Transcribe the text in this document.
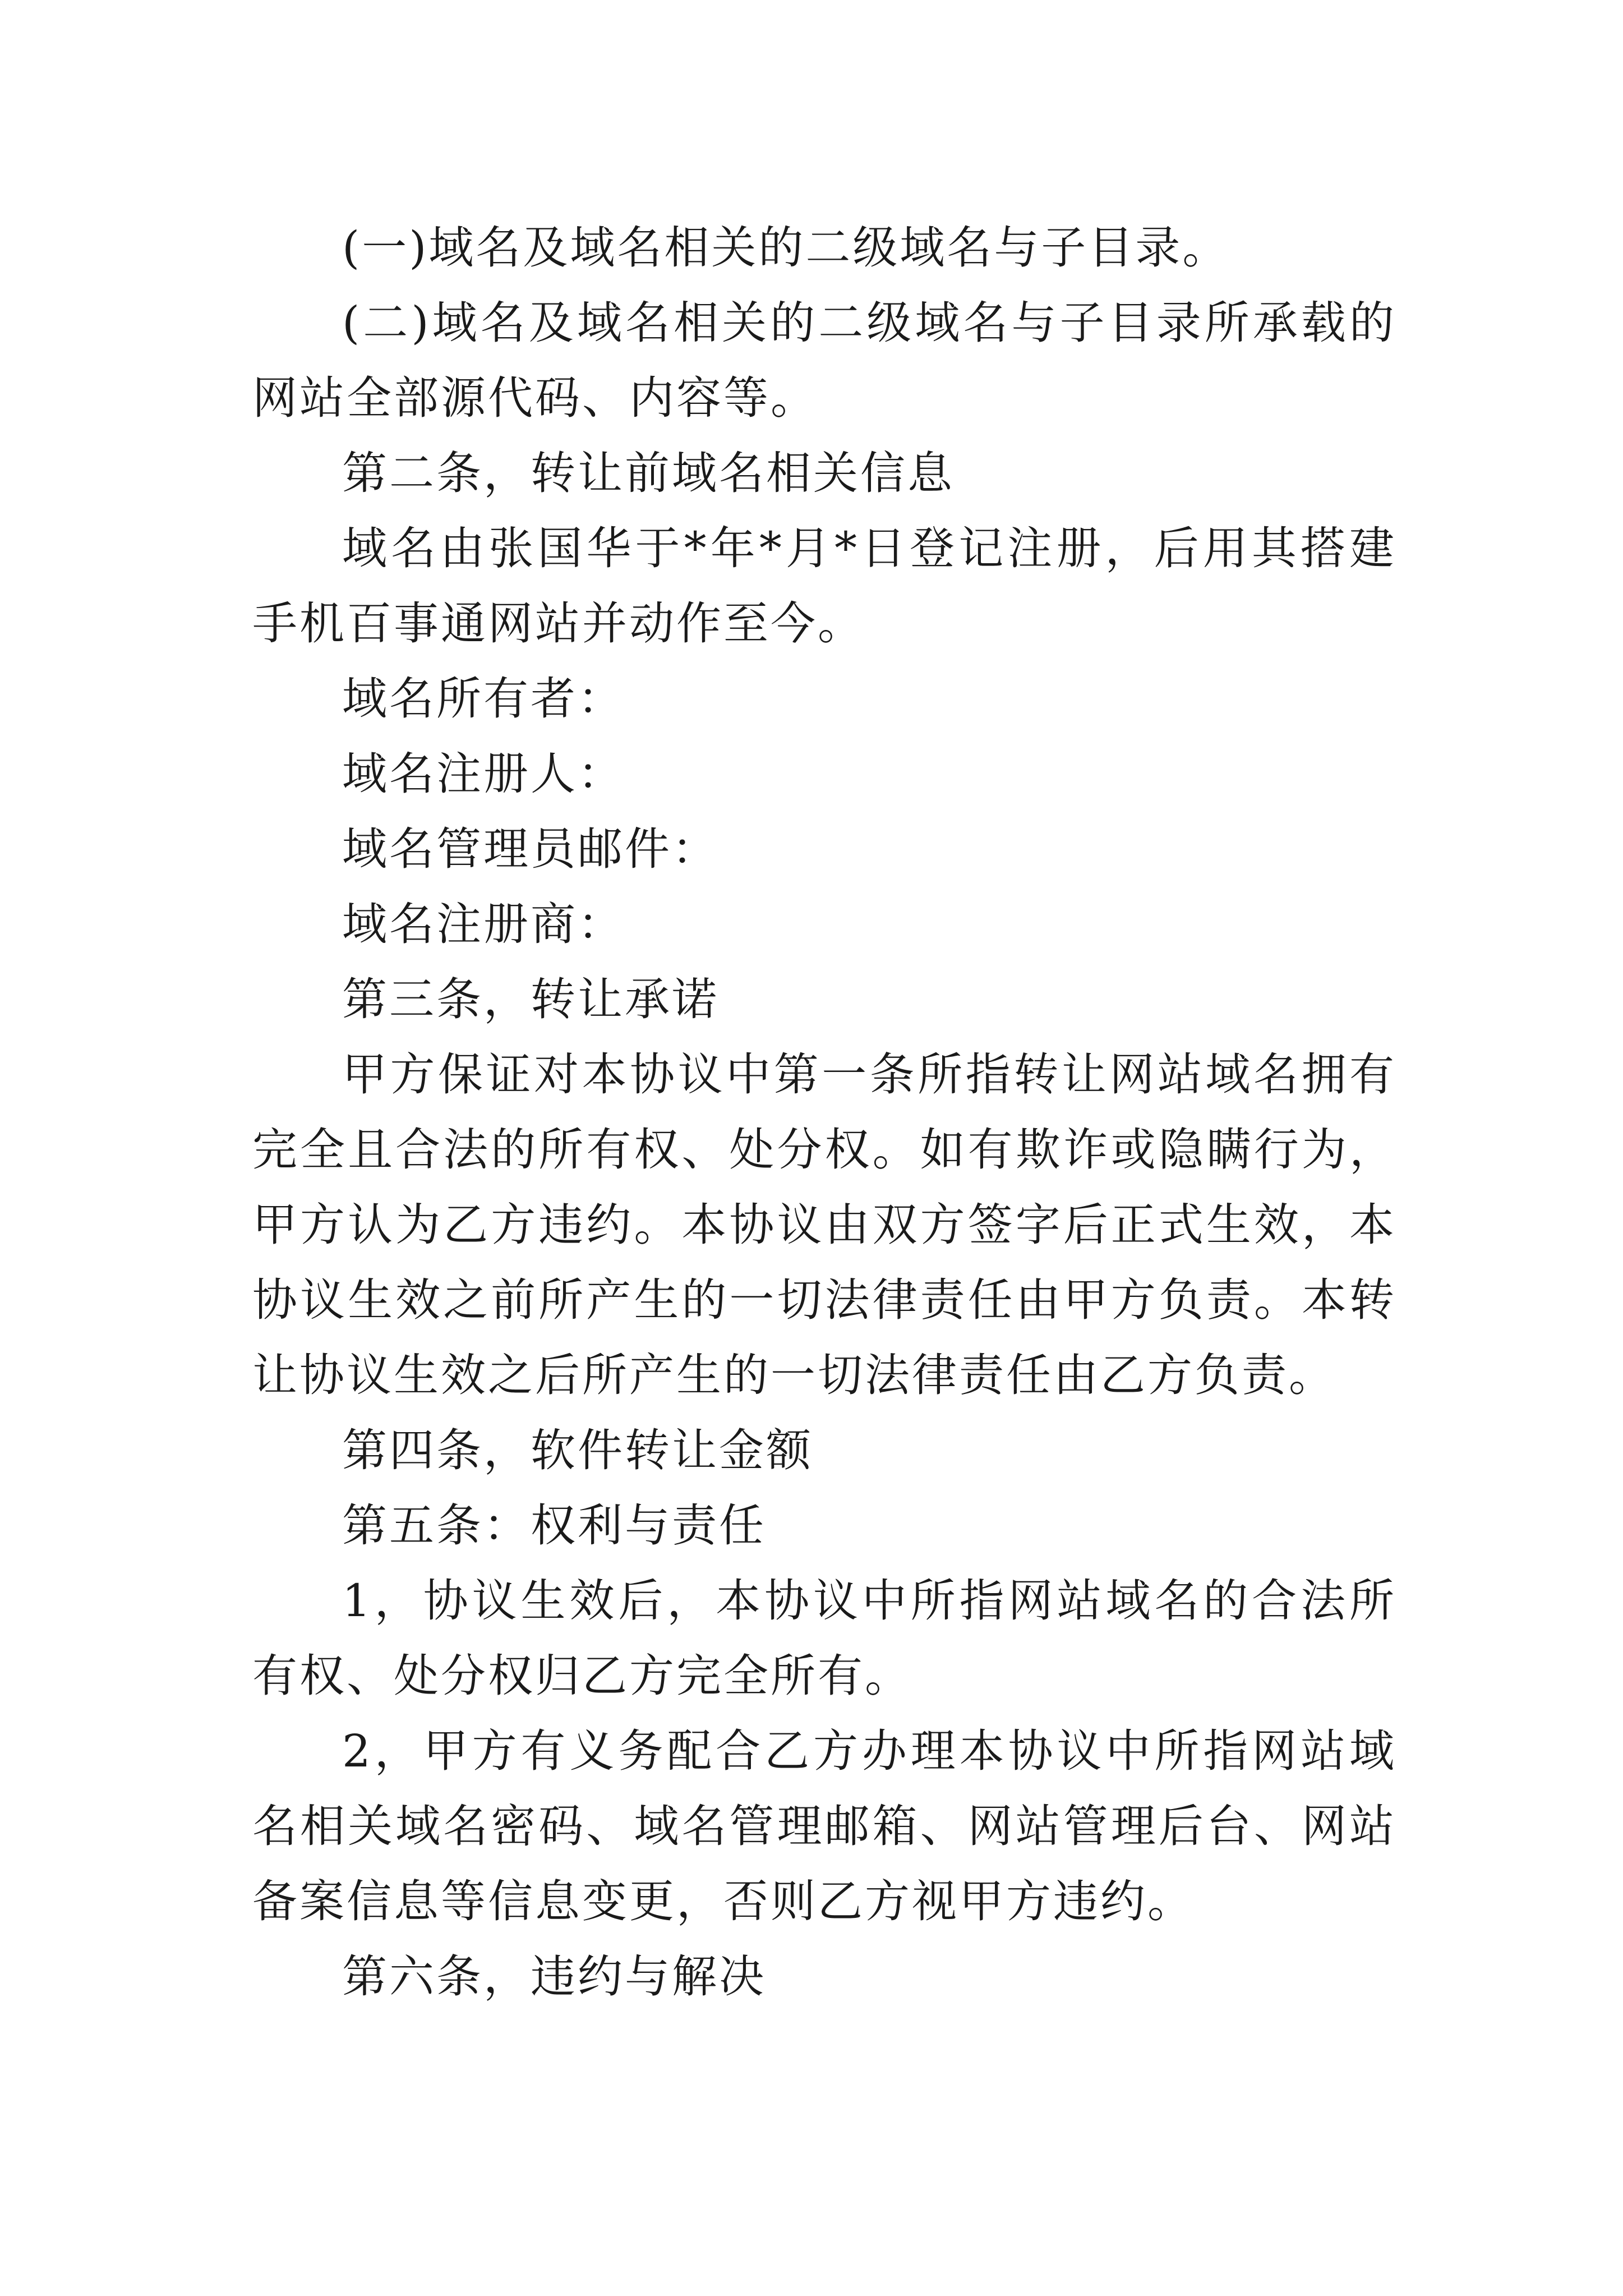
(一)域名及域名相关的二级域名与子目录。

(二)域名及域名相关的二级域名与子目录所承载的网站全部源代码、内容等。

第二条，转让前域名相关信息

域名由张国华于*年*月*日登记注册，后用其搭建手机百事通网站并动作至今。

域名所有者：

域名注册人：

域名管理员邮件：

域名注册商：

第三条，转让承诺

甲方保证对本协议中第一条所指转让网站域名拥有完全且合法的所有权、处分权。如有欺诈或隐瞒行为，甲方认为乙方违约。本协议由双方签字后正式生效，本协议生效之前所产生的一切法律责任由甲方负责。本转让协议生效之后所产生的一切法律责任由乙方负责。

第四条，软件转让金额

第五条：权利与责任

1，协议生效后，本协议中所指网站域名的合法所有权、处分权归乙方完全所有。

2，甲方有义务配合乙方办理本协议中所指网站域名相关域名密码、域名管理邮箱、网站管理后台、网站备案信息等信息变更，否则乙方视甲方违约。

第六条，违约与解决
